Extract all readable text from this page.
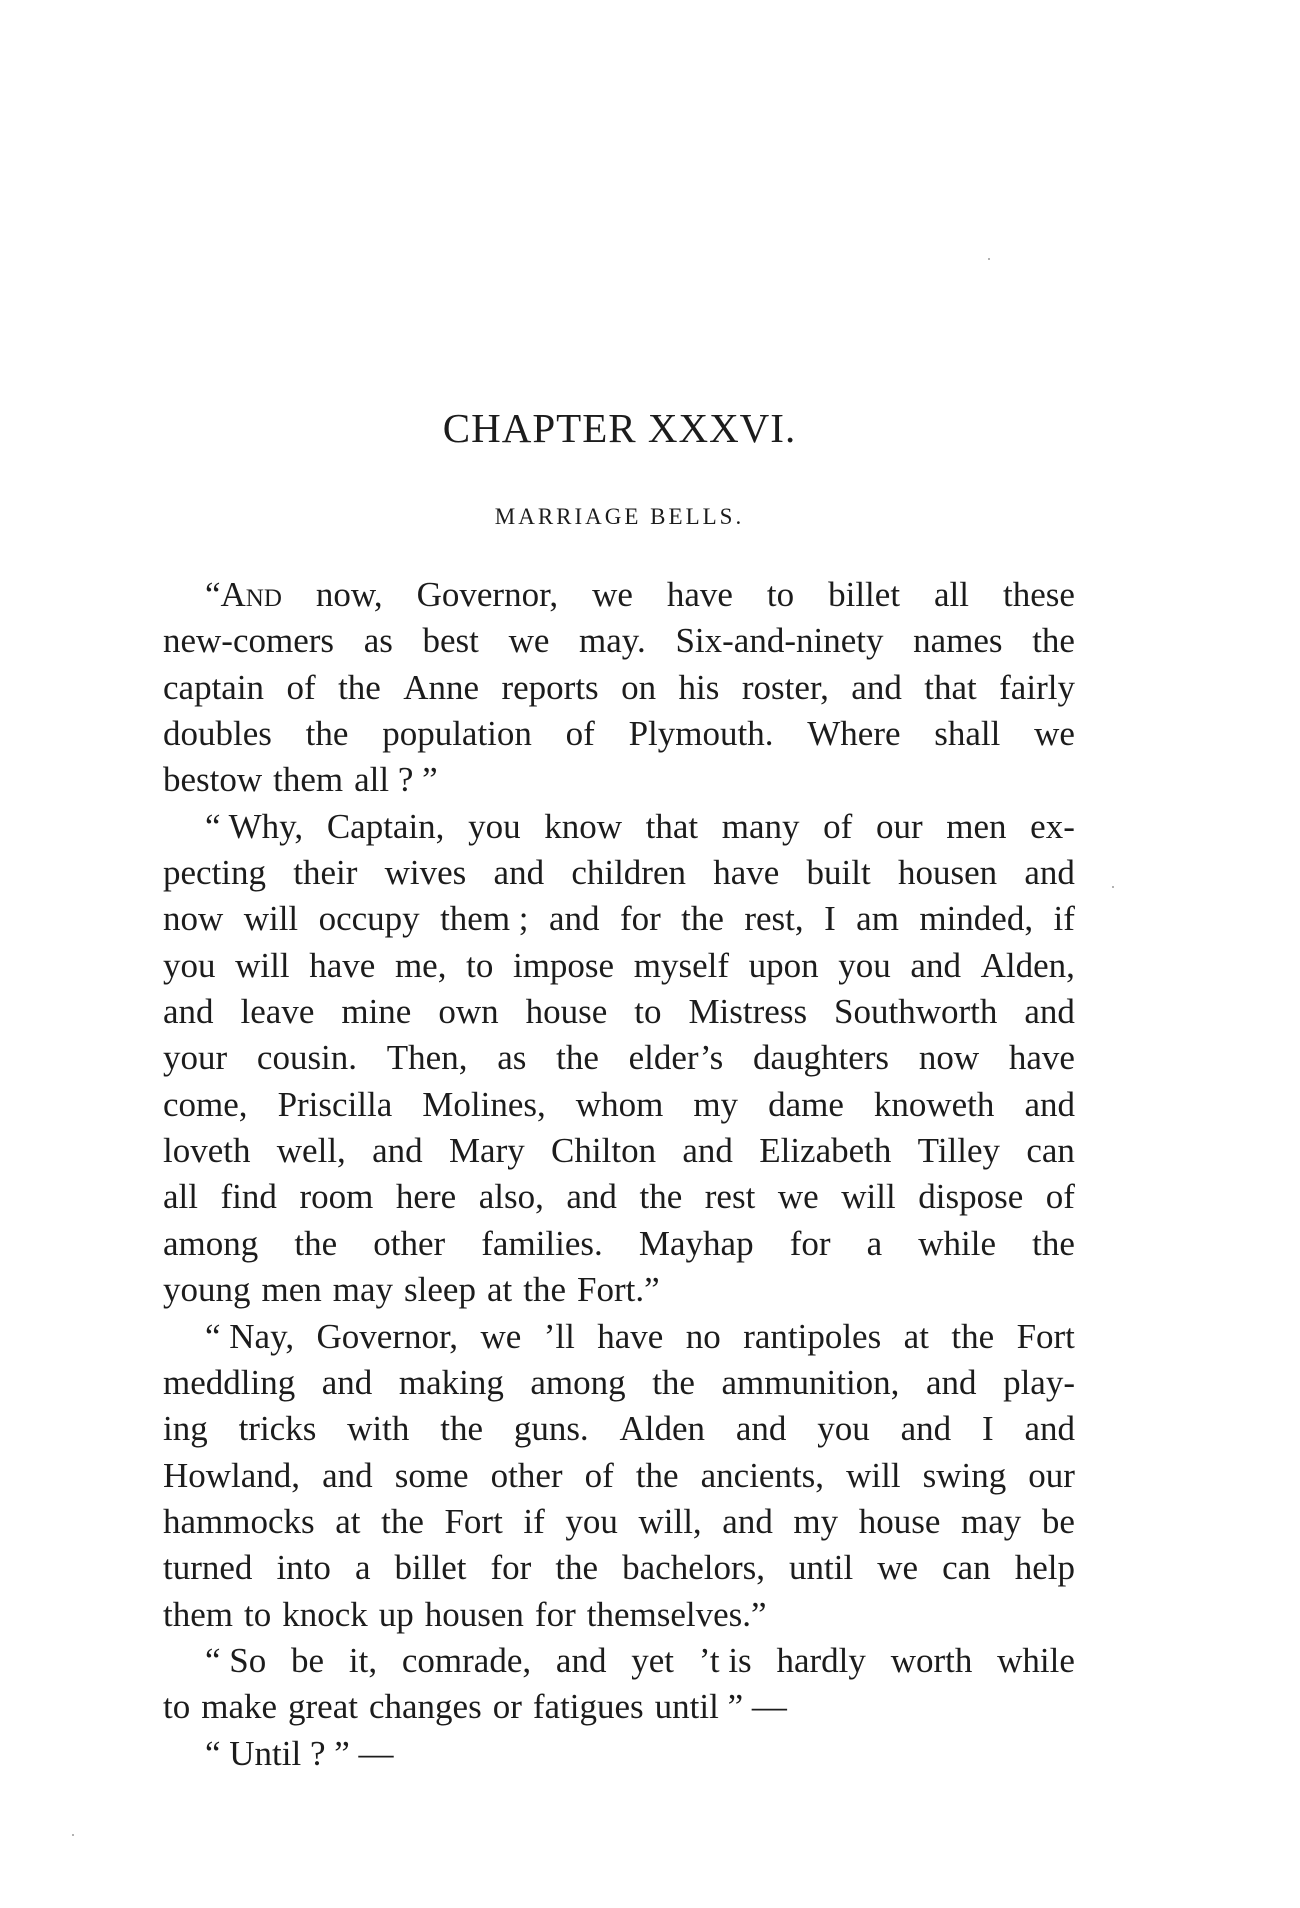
CHAPTER XXXVI.
MARRIAGE BELLS.
“And now, Governor, we have to billet all these
new-comers as best we may. Six-and-ninety names the
captain of the Anne reports on his roster, and that fairly
doubles the population of Plymouth. Where shall we
bestow them all ? ”
“ Why, Captain, you know that many of our men ex-
pecting their wives and children have built housen and
now will occupy them ; and for the rest, I am minded, if
you will have me, to impose myself upon you and Alden,
and leave mine own house to Mistress Southworth and
your cousin. Then, as the elder’s daughters now have
come, Priscilla Molines, whom my dame knoweth and
loveth well, and Mary Chilton and Elizabeth Tilley can
all find room here also, and the rest we will dispose of
among the other families. Mayhap for a while the
young men may sleep at the Fort.”
“ Nay, Governor, we ’ll have no rantipoles at the Fort
meddling and making among the ammunition, and play-
ing tricks with the guns. Alden and you and I and
Howland, and some other of the ancients, will swing our
hammocks at the Fort if you will, and my house may be
turned into a billet for the bachelors, until we can help
them to knock up housen for themselves.”
“ So be it, comrade, and yet ’t is hardly worth while
to make great changes or fatigues until ” —
“ Until ? ” —
